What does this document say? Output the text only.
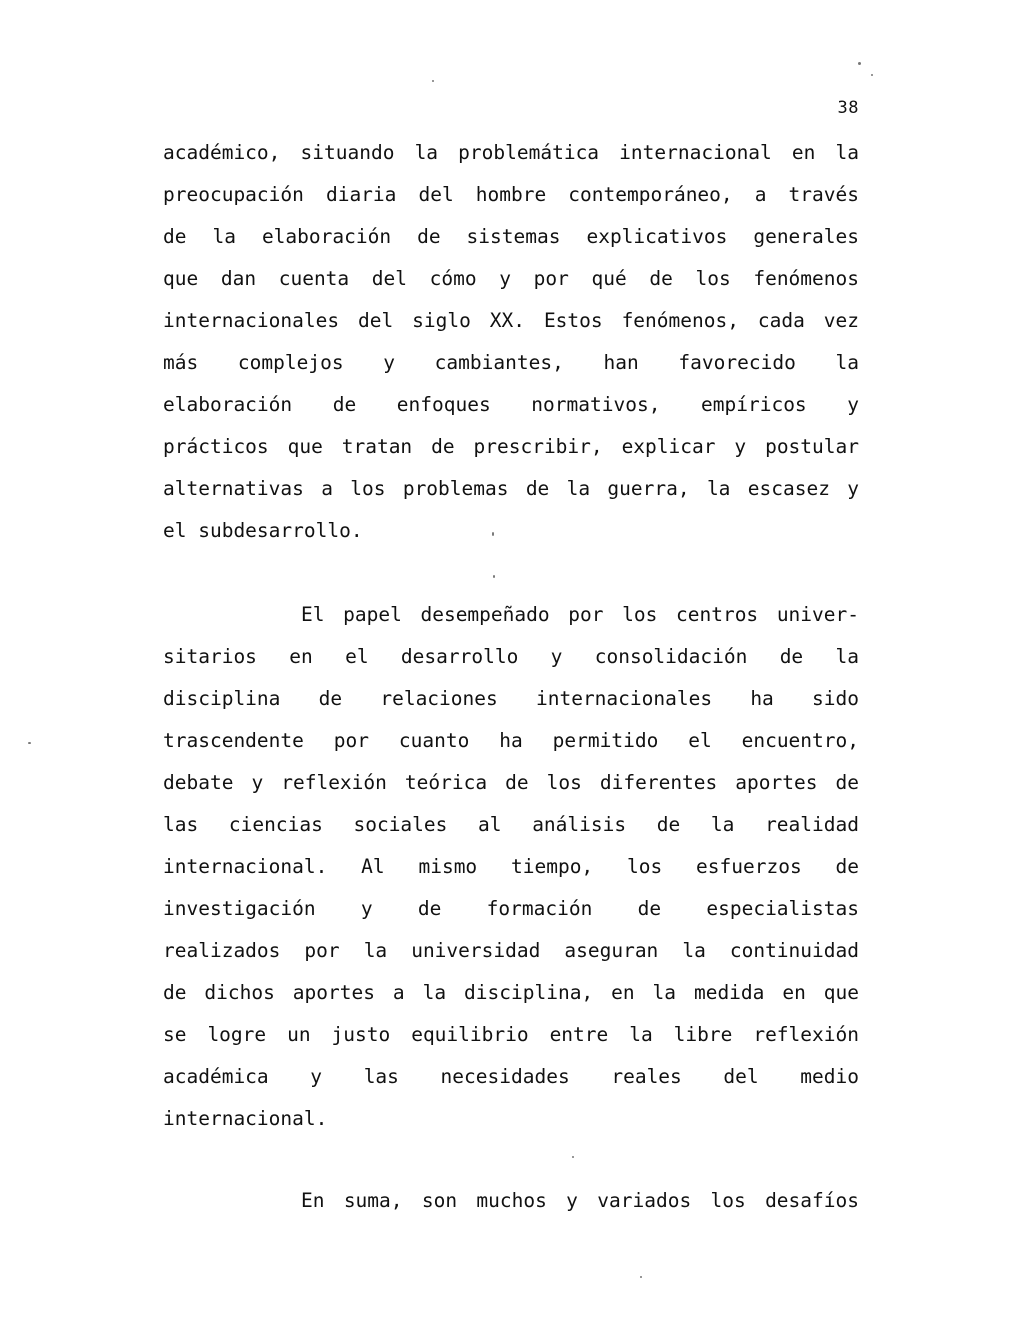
38
académico, situando la problemática internacional en la
preocupación diaria del hombre contemporáneo, a través
de la elaboración de sistemas explicativos generales
que dan cuenta del cómo y por qué de los fenómenos
internacionales del siglo XX. Estos fenómenos, cada vez
más complejos y cambiantes, han favorecido la
elaboración de enfoques normativos, empíricos y
prácticos que tratan de prescribir, explicar y postular
alternativas a los problemas de la guerra, la escasez y
el subdesarrollo.
El papel desempeñado por los centros univer-
sitarios en el desarrollo y consolidación de la
disciplina de relaciones internacionales ha sido
trascendente por cuanto ha permitido el encuentro,
debate y reflexión teórica de los diferentes aportes de
las ciencias sociales al análisis de la realidad
internacional. Al mismo tiempo, los esfuerzos de
investigación y de formación de especialistas
realizados por la universidad aseguran la continuidad
de dichos aportes a la disciplina, en la medida en que
se logre un justo equilibrio entre la libre reflexión
académica y las necesidades reales del medio
internacional.
En suma, son muchos y variados los desafíos
